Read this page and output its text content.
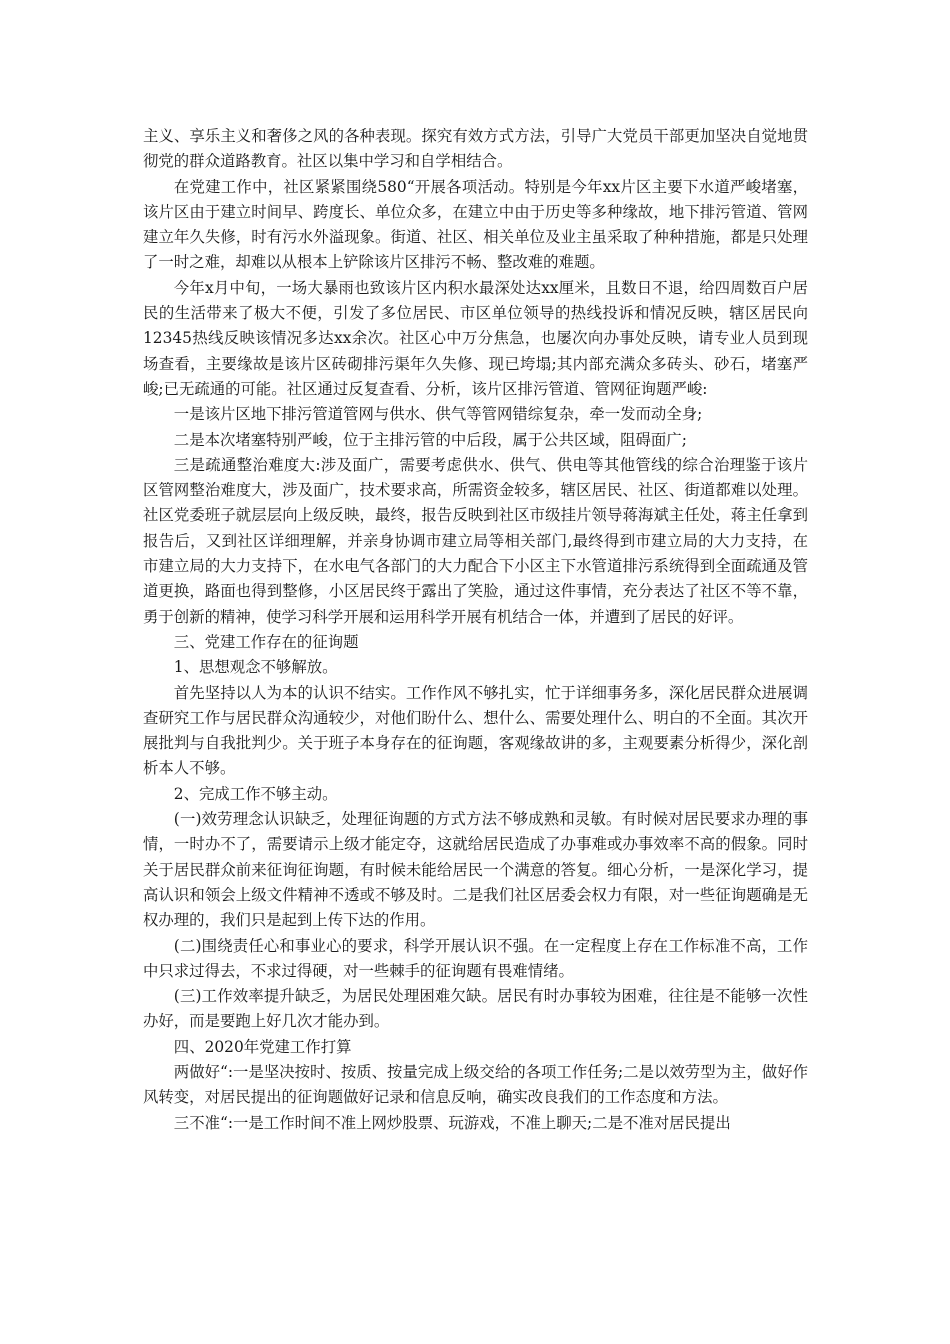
主义、享乐主义和奢侈之风的各种表现。探究有效方式方法，引导广大党员干部更加坚决自觉地贯彻党的群众道路教育。社区以集中学习和自学相结合。

在党建工作中，社区紧紧围绕580“开展各项活动。特别是今年xx片区主要下水道严峻堵塞，该片区由于建立时间早、跨度长、单位众多，在建立中由于历史等多种缘故，地下排污管道、管网建立年久失修，时有污水外溢现象。街道、社区、相关单位及业主虽采取了种种措施，都是只处理了一时之难，却难以从根本上铲除该片区排污不畅、整改难的难题。

今年x月中旬，一场大暴雨也致该片区内积水最深处达xx厘米，且数日不退，给四周数百户居民的生活带来了极大不便，引发了多位居民、市区单位领导的热线投诉和情况反映，辖区居民向12345热线反映该情况多达xx余次。社区心中万分焦急，也屡次向办事处反映，请专业人员到现场查看，主要缘故是该片区砖砌排污渠年久失修、现已垮塌;其内部充满众多砖头、砂石，堵塞严峻;已无疏通的可能。社区通过反复查看、分析，该片区排污管道、管网征询题严峻:

一是该片区地下排污管道管网与供水、供气等管网错综复杂，牵一发而动全身;

二是本次堵塞特别严峻，位于主排污管的中后段，属于公共区域，阻碍面广;

三是疏通整治难度大:涉及面广，需要考虑供水、供气、供电等其他管线的综合治理鉴于该片区管网整治难度大，涉及面广，技术要求高，所需资金较多，辖区居民、社区、街道都难以处理。社区党委班子就层层向上级反映，最终，报告反映到社区市级挂片领导蒋海斌主任处，蒋主任拿到报告后，又到社区详细理解，并亲身协调市建立局等相关部门,最终得到市建立局的大力支持，在市建立局的大力支持下，在水电气各部门的大力配合下小区主下水管道排污系统得到全面疏通及管道更换，路面也得到整修，小区居民终于露出了笑脸，通过这件事情，充分表达了社区不等不靠，勇于创新的精神，使学习科学开展和运用科学开展有机结合一体，并遭到了居民的好评。

三、党建工作存在的征询题

1、思想观念不够解放。

首先坚持以人为本的认识不结实。工作作风不够扎实，忙于详细事务多，深化居民群众进展调查研究工作与居民群众沟通较少，对他们盼什么、想什么、需要处理什么、明白的不全面。其次开展批判与自我批判少。关于班子本身存在的征询题，客观缘故讲的多，主观要素分析得少，深化剖析本人不够。

2、完成工作不够主动。

(一)效劳理念认识缺乏，处理征询题的方式方法不够成熟和灵敏。有时候对居民要求办理的事情，一时办不了，需要请示上级才能定夺，这就给居民造成了办事难或办事效率不高的假象。同时关于居民群众前来征询征询题，有时候未能给居民一个满意的答复。细心分析，一是深化学习，提高认识和领会上级文件精神不透或不够及时。二是我们社区居委会权力有限，对一些征询题确是无权办理的，我们只是起到上传下达的作用。

(二)围绕责任心和事业心的要求，科学开展认识不强。在一定程度上存在工作标准不高，工作中只求过得去，不求过得硬，对一些棘手的征询题有畏难情绪。

(三)工作效率提升缺乏，为居民处理困难欠缺。居民有时办事较为困难，往往是不能够一次性办好，而是要跑上好几次才能办到。

四、2020年党建工作打算

两做好“:一是坚决按时、按质、按量完成上级交给的各项工作任务;二是以效劳型为主，做好作风转变，对居民提出的征询题做好记录和信息反响，确实改良我们的工作态度和方法。

三不准“:一是工作时间不准上网炒股票、玩游戏，不准上聊天;二是不准对居民提出
